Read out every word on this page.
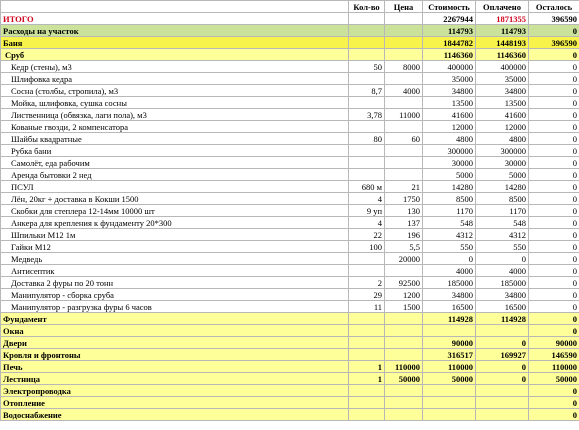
	Кол-во	Цена	Стоимость	Оплачено	Осталось
ИТОГО			2267944	1871355	396590
Расходы на участок			114793	114793	0
Баня			1844782	1448193	396590
Сруб			1146360	1146360	0
Кедр (стены), м3	50	8000	400000	400000	0
Шлифовка кедра			35000	35000	0
Сосна (столбы, стропила), м3	8,7	4000	34800	34800	0
Мойка, шлифовка, сушка сосны			13500	13500	0
Лиственница (обвязка, лаги пола), м3	3,78	11000	41600	41600	0
Кованые гвозди, 2 компенсатора			12000	12000	0
Шайбы квадратные	80	60	4800	4800	0
Рубка бани			300000	300000	0
Самолёт, еда рабочим			30000	30000	0
Аренда бытовки 2 нед			5000	5000	0
ПСУЛ	680 м	21	14280	14280	0
Лён, 20кг + доставка в Кокши 1500	4	1750	8500	8500	0
Скобки для степлера 12-14мм 10000 шт	9 уп	130	1170	1170	0
Анкера для крепления к фундаменту 20*300	4	137	548	548	0
Шпильки М12 1м	22	196	4312	4312	0
Гайки М12	100	5,5	550	550	0
Медведь		20000	0	0	0
Антисептик			4000	4000	0
Доставка 2 фуры по 20 тонн	2	92500	185000	185000	0
Манипулятор - сборка сруба	29	1200	34800	34800	0
Манипулятор - разгрузка фуры 6 часов	11	1500	16500	16500	0
Фундамент			114928	114928	0
Окна					0
Двери			90000	0	90000
Кровля и фронтоны			316517	169927	146590
Печь	1	110000	110000	0	110000
Лестница	1	50000	50000	0	50000
Электропроводка					0
Отопление					0
Водоснабжение					0
